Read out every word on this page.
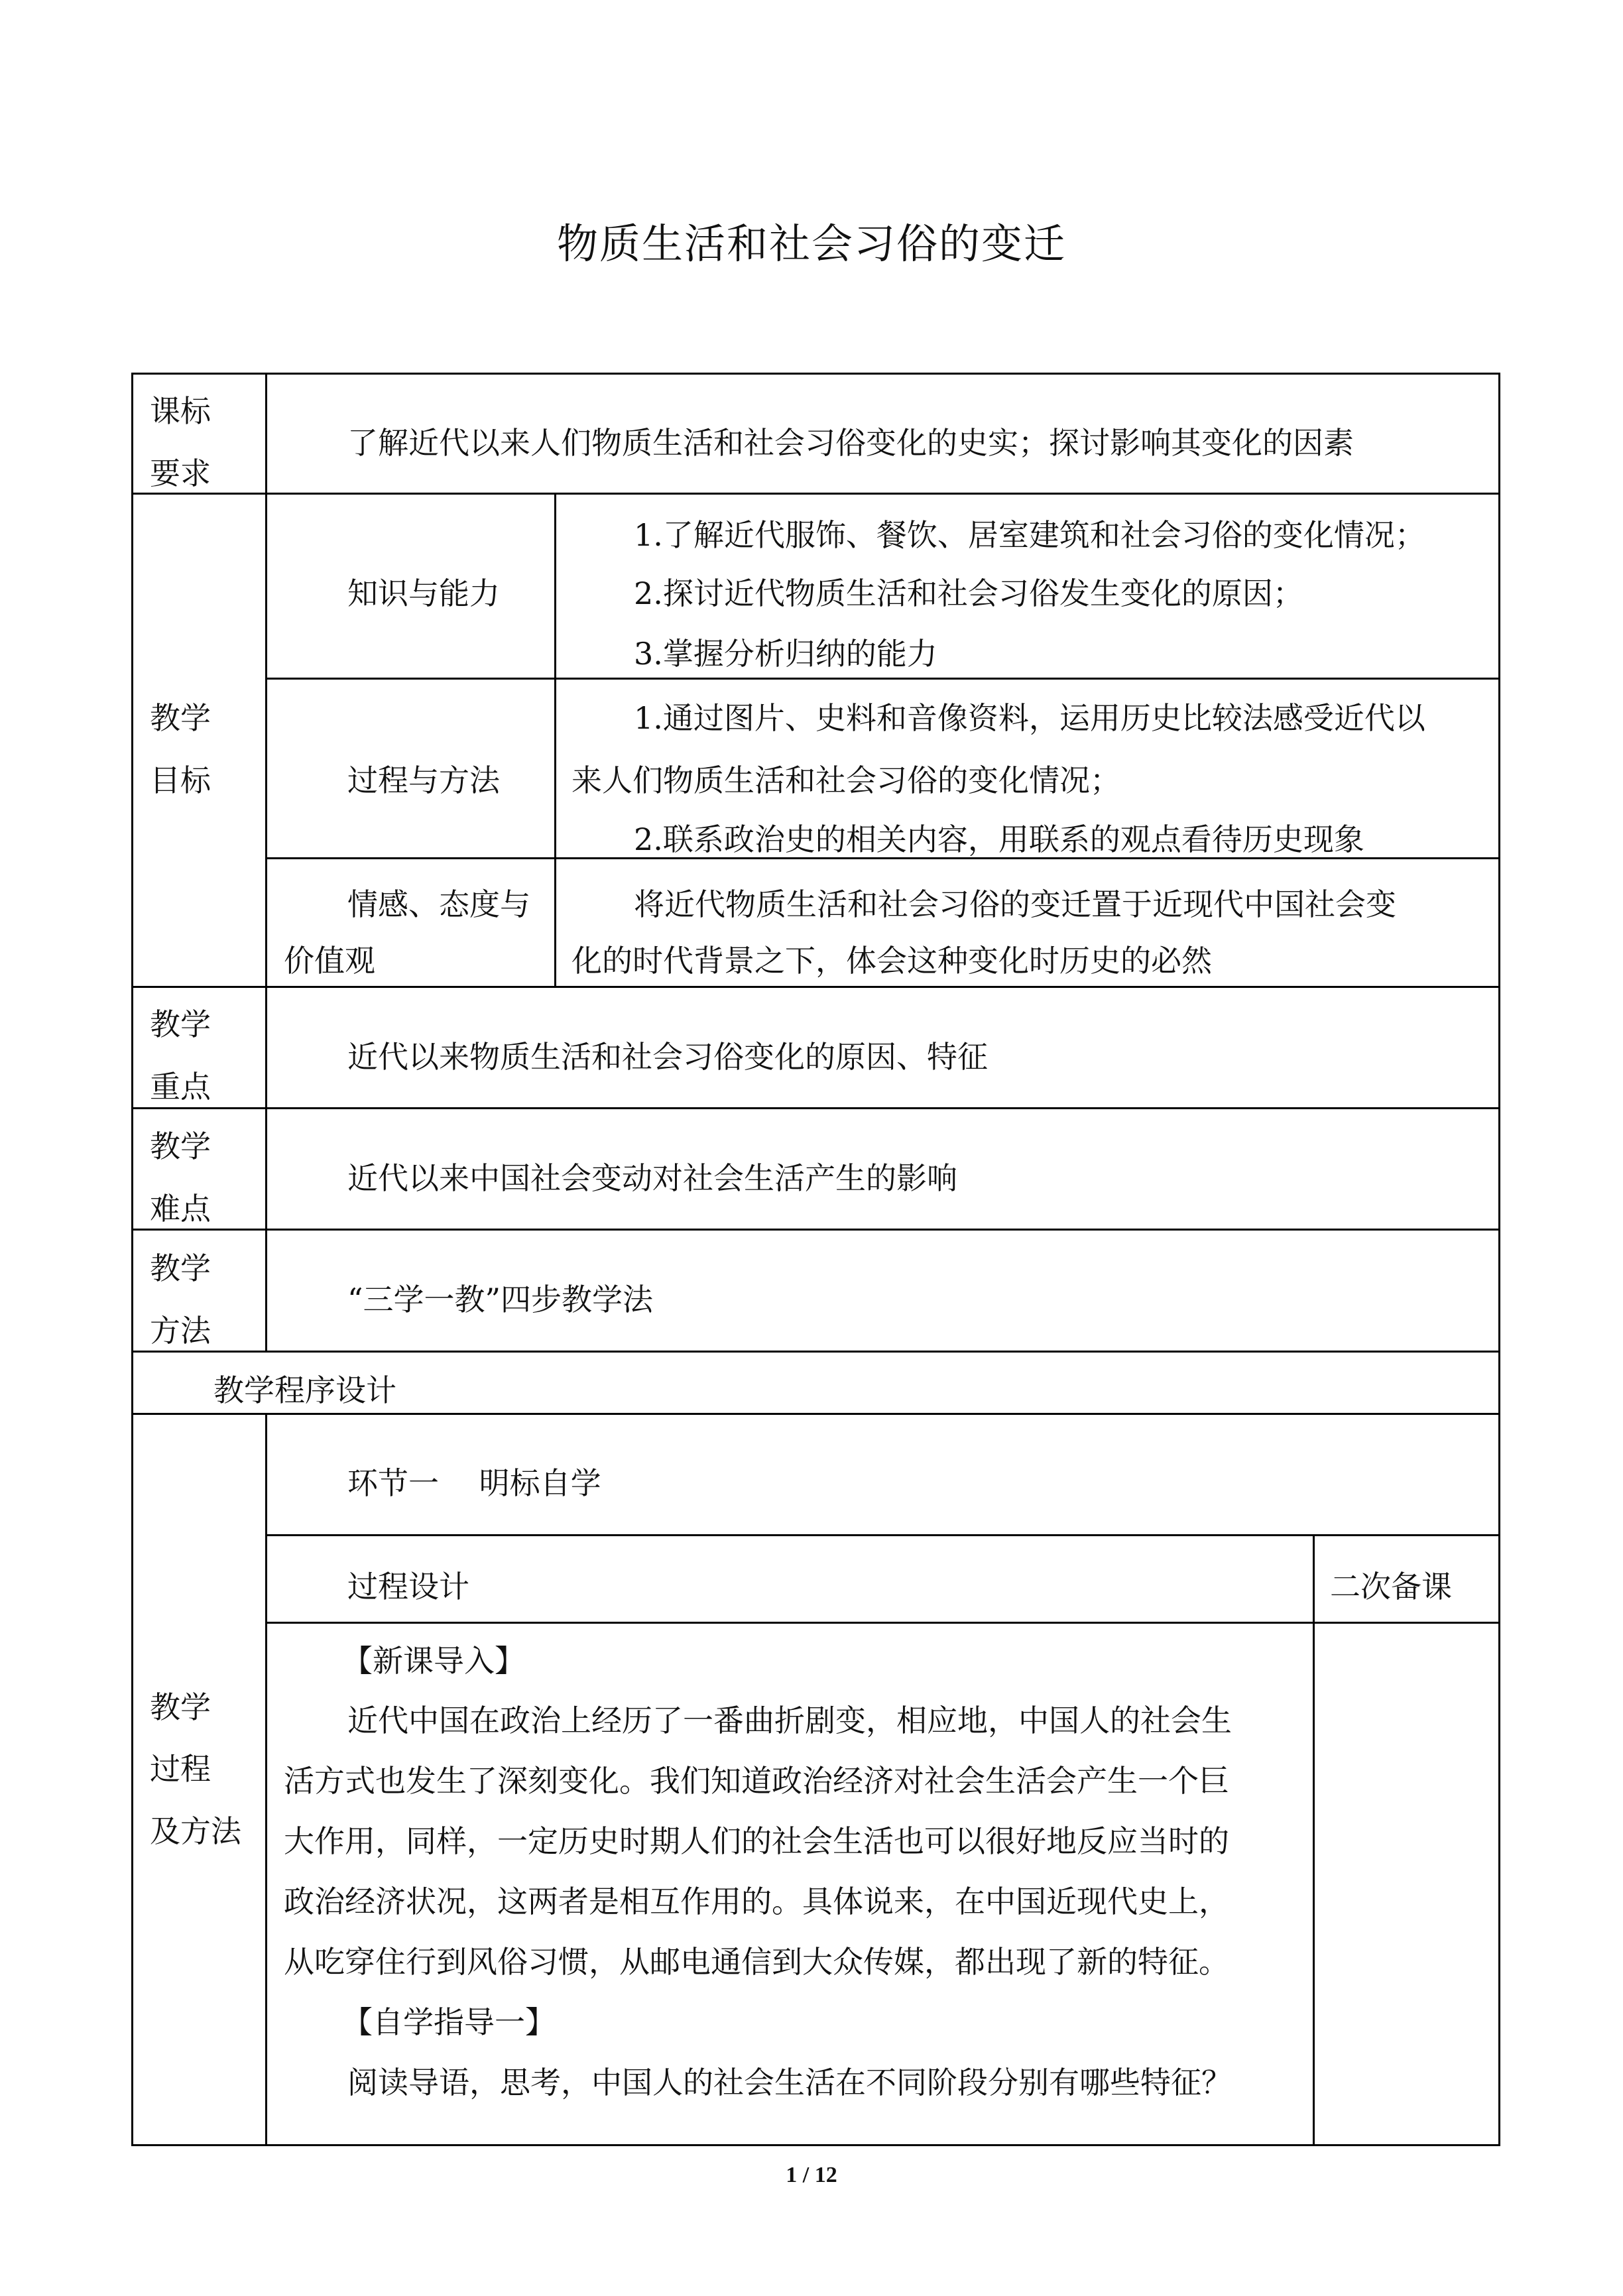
物质生活和社会习俗的变迁
课标
要求
了解近代以来人们物质生活和社会习俗变化的史实；探讨影响其变化的因素
教学
目标
知识与能力
1.了解近代服饰、餐饮、居室建筑和社会习俗的变化情况；
2.探讨近代物质生活和社会习俗发生变化的原因；
3.掌握分析归纳的能力
过程与方法
1.通过图片、史料和音像资料，运用历史比较法感受近代以
来人们物质生活和社会习俗的变化情况；
2.联系政治史的相关内容，用联系的观点看待历史现象
情感、态度与
价值观
将近代物质生活和社会习俗的变迁置于近现代中国社会变
化的时代背景之下，体会这种变化时历史的必然
教学
重点
近代以来物质生活和社会习俗变化的原因、特征
教学
难点
近代以来中国社会变动对社会生活产生的影响
教学
方法
“三学一教”四步教学法
教学程序设计
教学
过程
及方法
环节一　 明标自学
过程设计	二次备课
【新课导入】
近代中国在政治上经历了一番曲折剧变，相应地，中国人的社会生
活方式也发生了深刻变化。我们知道政治经济对社会生活会产生一个巨
大作用，同样，一定历史时期人们的社会生活也可以很好地反应当时的
政治经济状况，这两者是相互作用的。具体说来，在中国近现代史上，
从吃穿住行到风俗习惯，从邮电通信到大众传媒，都出现了新的特征。
【自学指导一】
阅读导语，思考，中国人的社会生活在不同阶段分别有哪些特征？
1 / 12
